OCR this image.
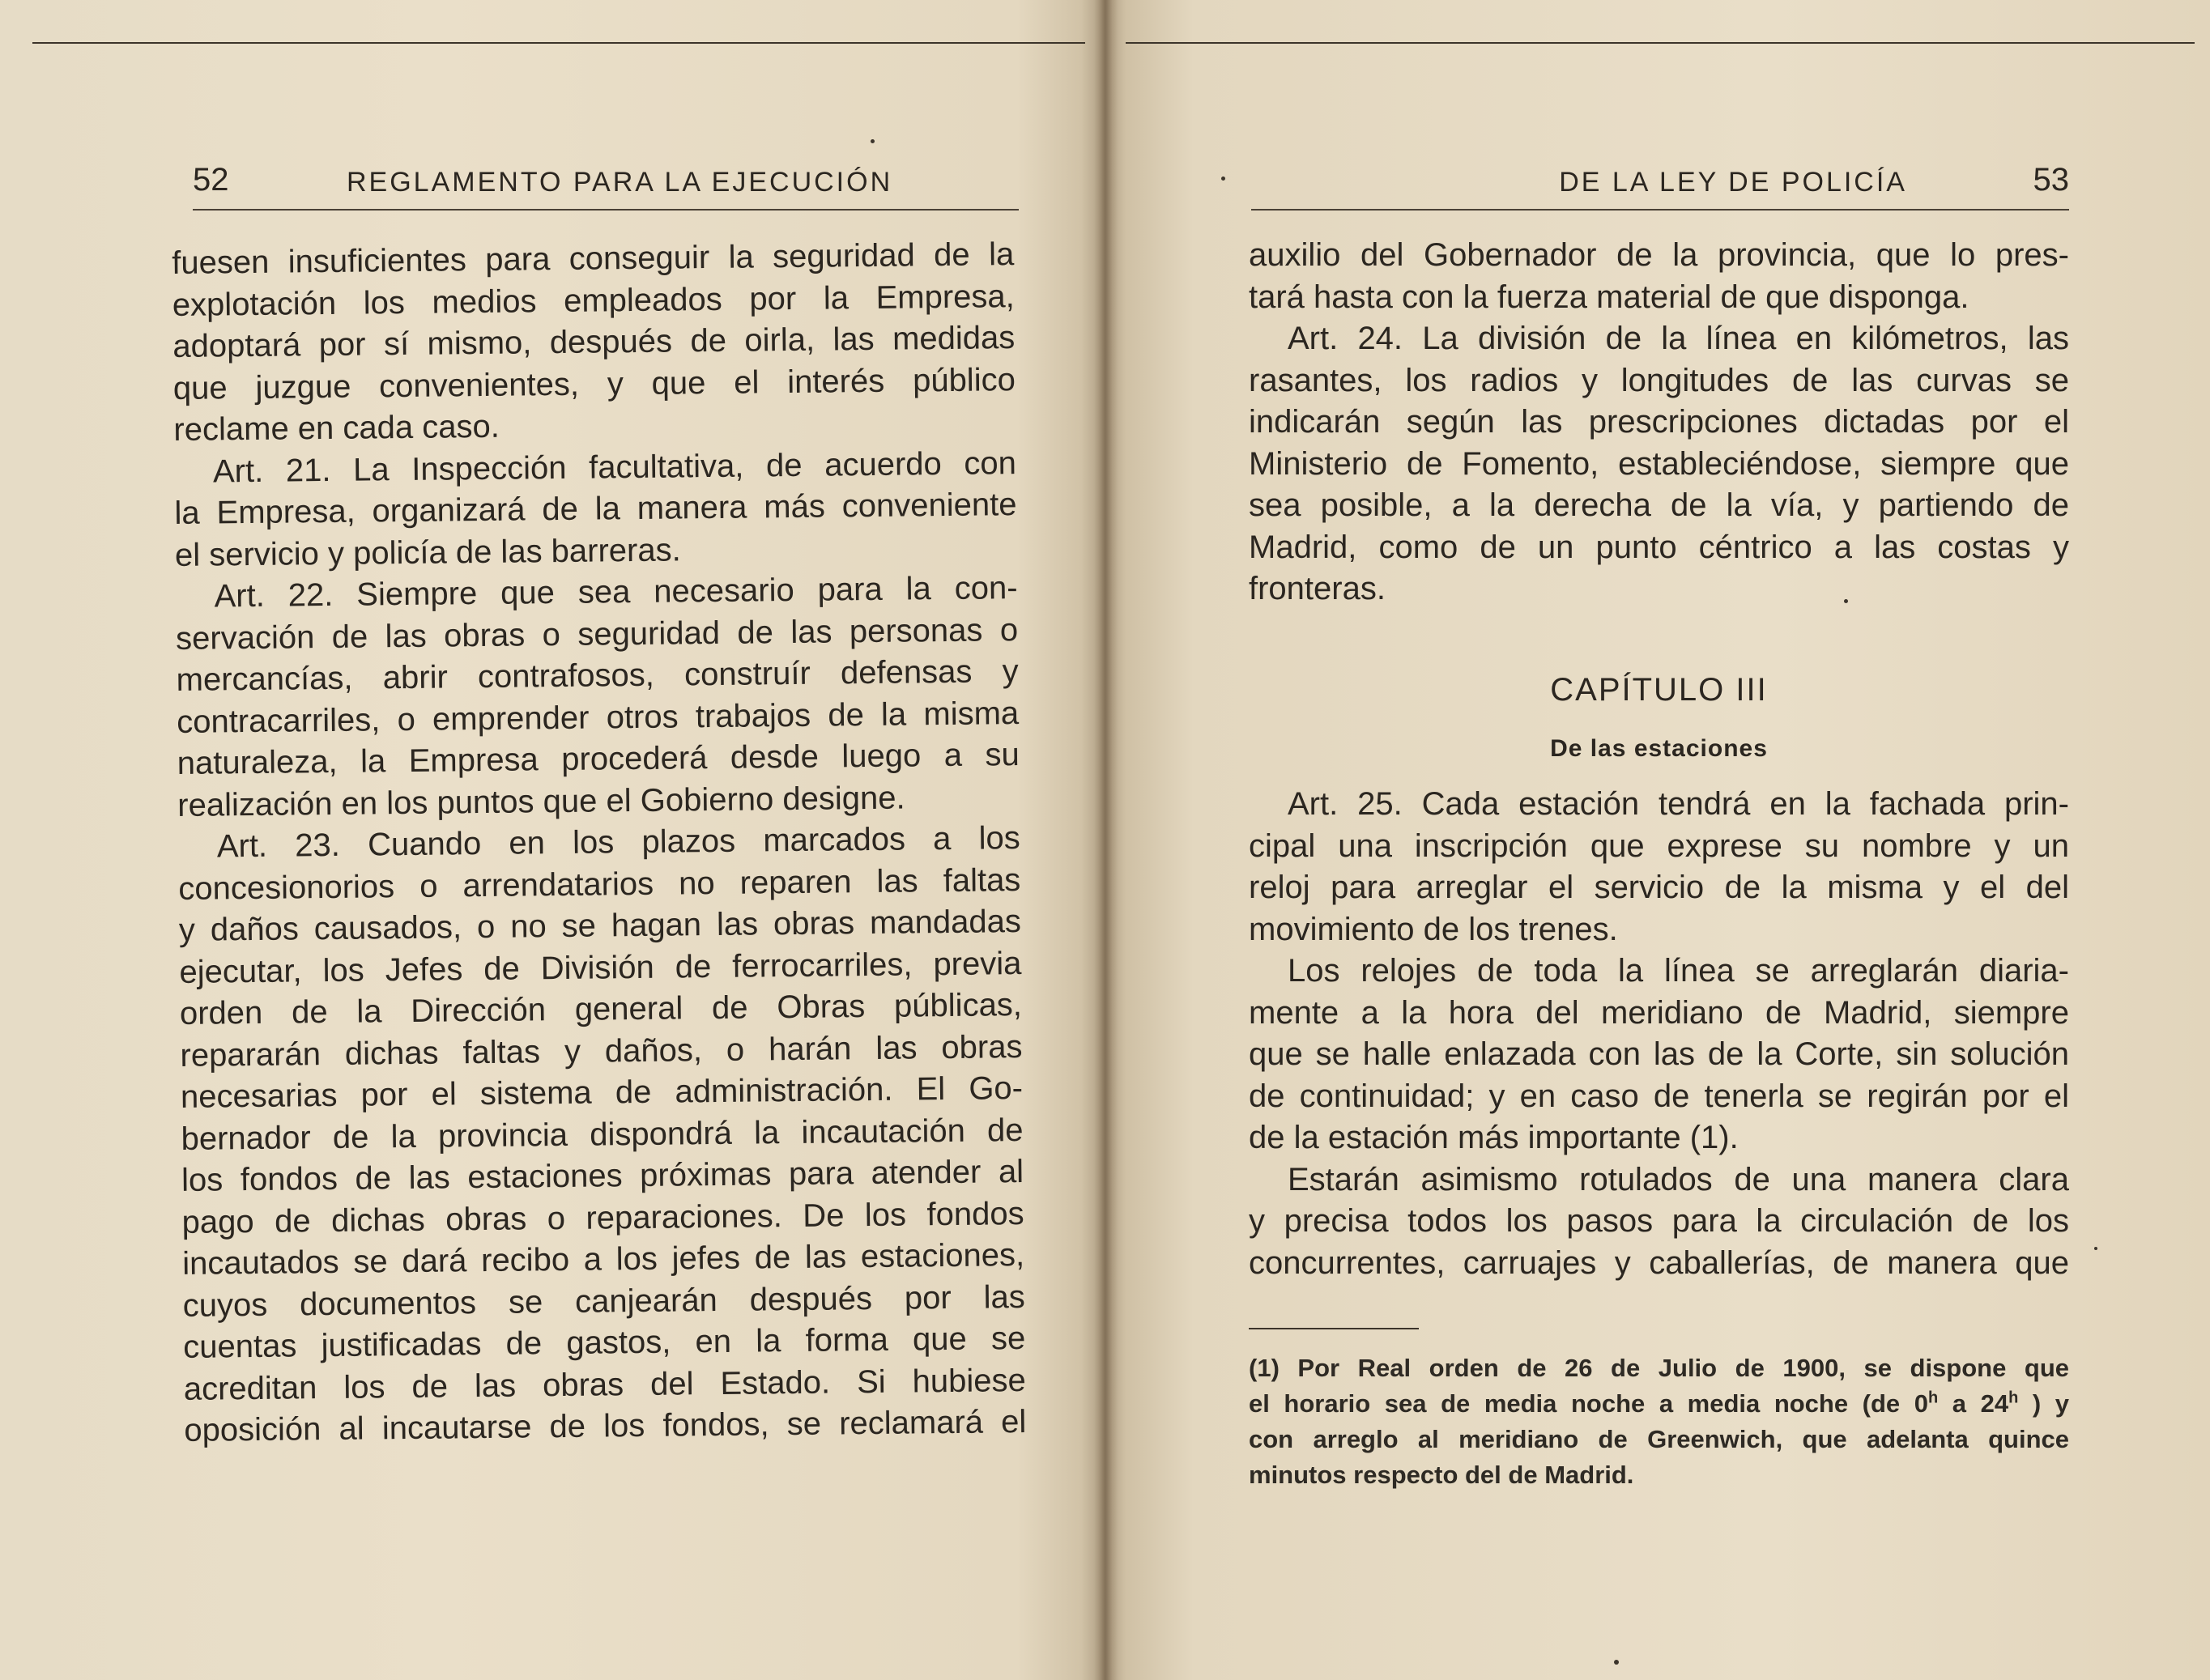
52	REGLAMENTO PARA LA EJECUCIÓN
fuesen insuficientes para conseguir la seguridad de la
explotación los medios empleados por la Empresa,
adoptará por sí mismo, después de oirla, las medidas
que juzgue convenientes, y que el interés público
reclame en cada caso.
Art. 21. La Inspección facultativa, de acuerdo con
la Empresa, organizará de la manera más conveniente
el servicio y policía de las barreras.
Art. 22. Siempre que sea necesario para la con-
servación de las obras o seguridad de las personas o
mercancías, abrir contrafosos, construír defensas y
contracarriles, o emprender otros trabajos de la misma
naturaleza, la Empresa procederá desde luego a su
realización en los puntos que el Gobierno designe.
Art. 23. Cuando en los plazos marcados a los
concesionorios o arrendatarios no reparen las faltas
y daños causados, o no se hagan las obras mandadas
ejecutar, los Jefes de División de ferrocarriles, previa
orden de la Dirección general de Obras públicas,
repararán dichas faltas y daños, o harán las obras
necesarias por el sistema de administración. El Go-
bernador de la provincia dispondrá la incautación de
los fondos de las estaciones próximas para atender al
pago de dichas obras o reparaciones. De los fondos
incautados se dará recibo a los jefes de las estaciones,
cuyos documentos se canjearán después por las
cuentas justificadas de gastos, en la forma que se
acreditan los de las obras del Estado. Si hubiese
oposición al incautarse de los fondos, se reclamará el
DE LA LEY DE POLICÍA	53
auxilio del Gobernador de la provincia, que lo pres-
tará hasta con la fuerza material de que disponga.
Art. 24. La división de la línea en kilómetros, las
rasantes, los radios y longitudes de las curvas se
indicarán según las prescripciones dictadas por el
Ministerio de Fomento, estableciéndose, siempre que
sea posible, a la derecha de la vía, y partiendo de
Madrid, como de un punto céntrico a las costas y
fronteras.
CAPÍTULO III
De las estaciones
Art. 25. Cada estación tendrá en la fachada prin-
cipal una inscripción que exprese su nombre y un
reloj para arreglar el servicio de la misma y el del
movimiento de los trenes.
Los relojes de toda la línea se arreglarán diaria-
mente a la hora del meridiano de Madrid, siempre
que se halle enlazada con las de la Corte, sin solución
de continuidad; y en caso de tenerla se regirán por el
de la estación más importante (1).
Estarán asimismo rotulados de una manera clara
y precisa todos los pasos para la circulación de los
concurrentes, carruajes y caballerías, de manera que
(1) Por Real orden de 26 de Julio de 1900, se dispone que
el horario sea de media noche a media noche (de 0$^h$ a 24$^h$ ) y
con arreglo al meridiano de Greenwich, que adelanta quince
minutos respecto del de Madrid.
